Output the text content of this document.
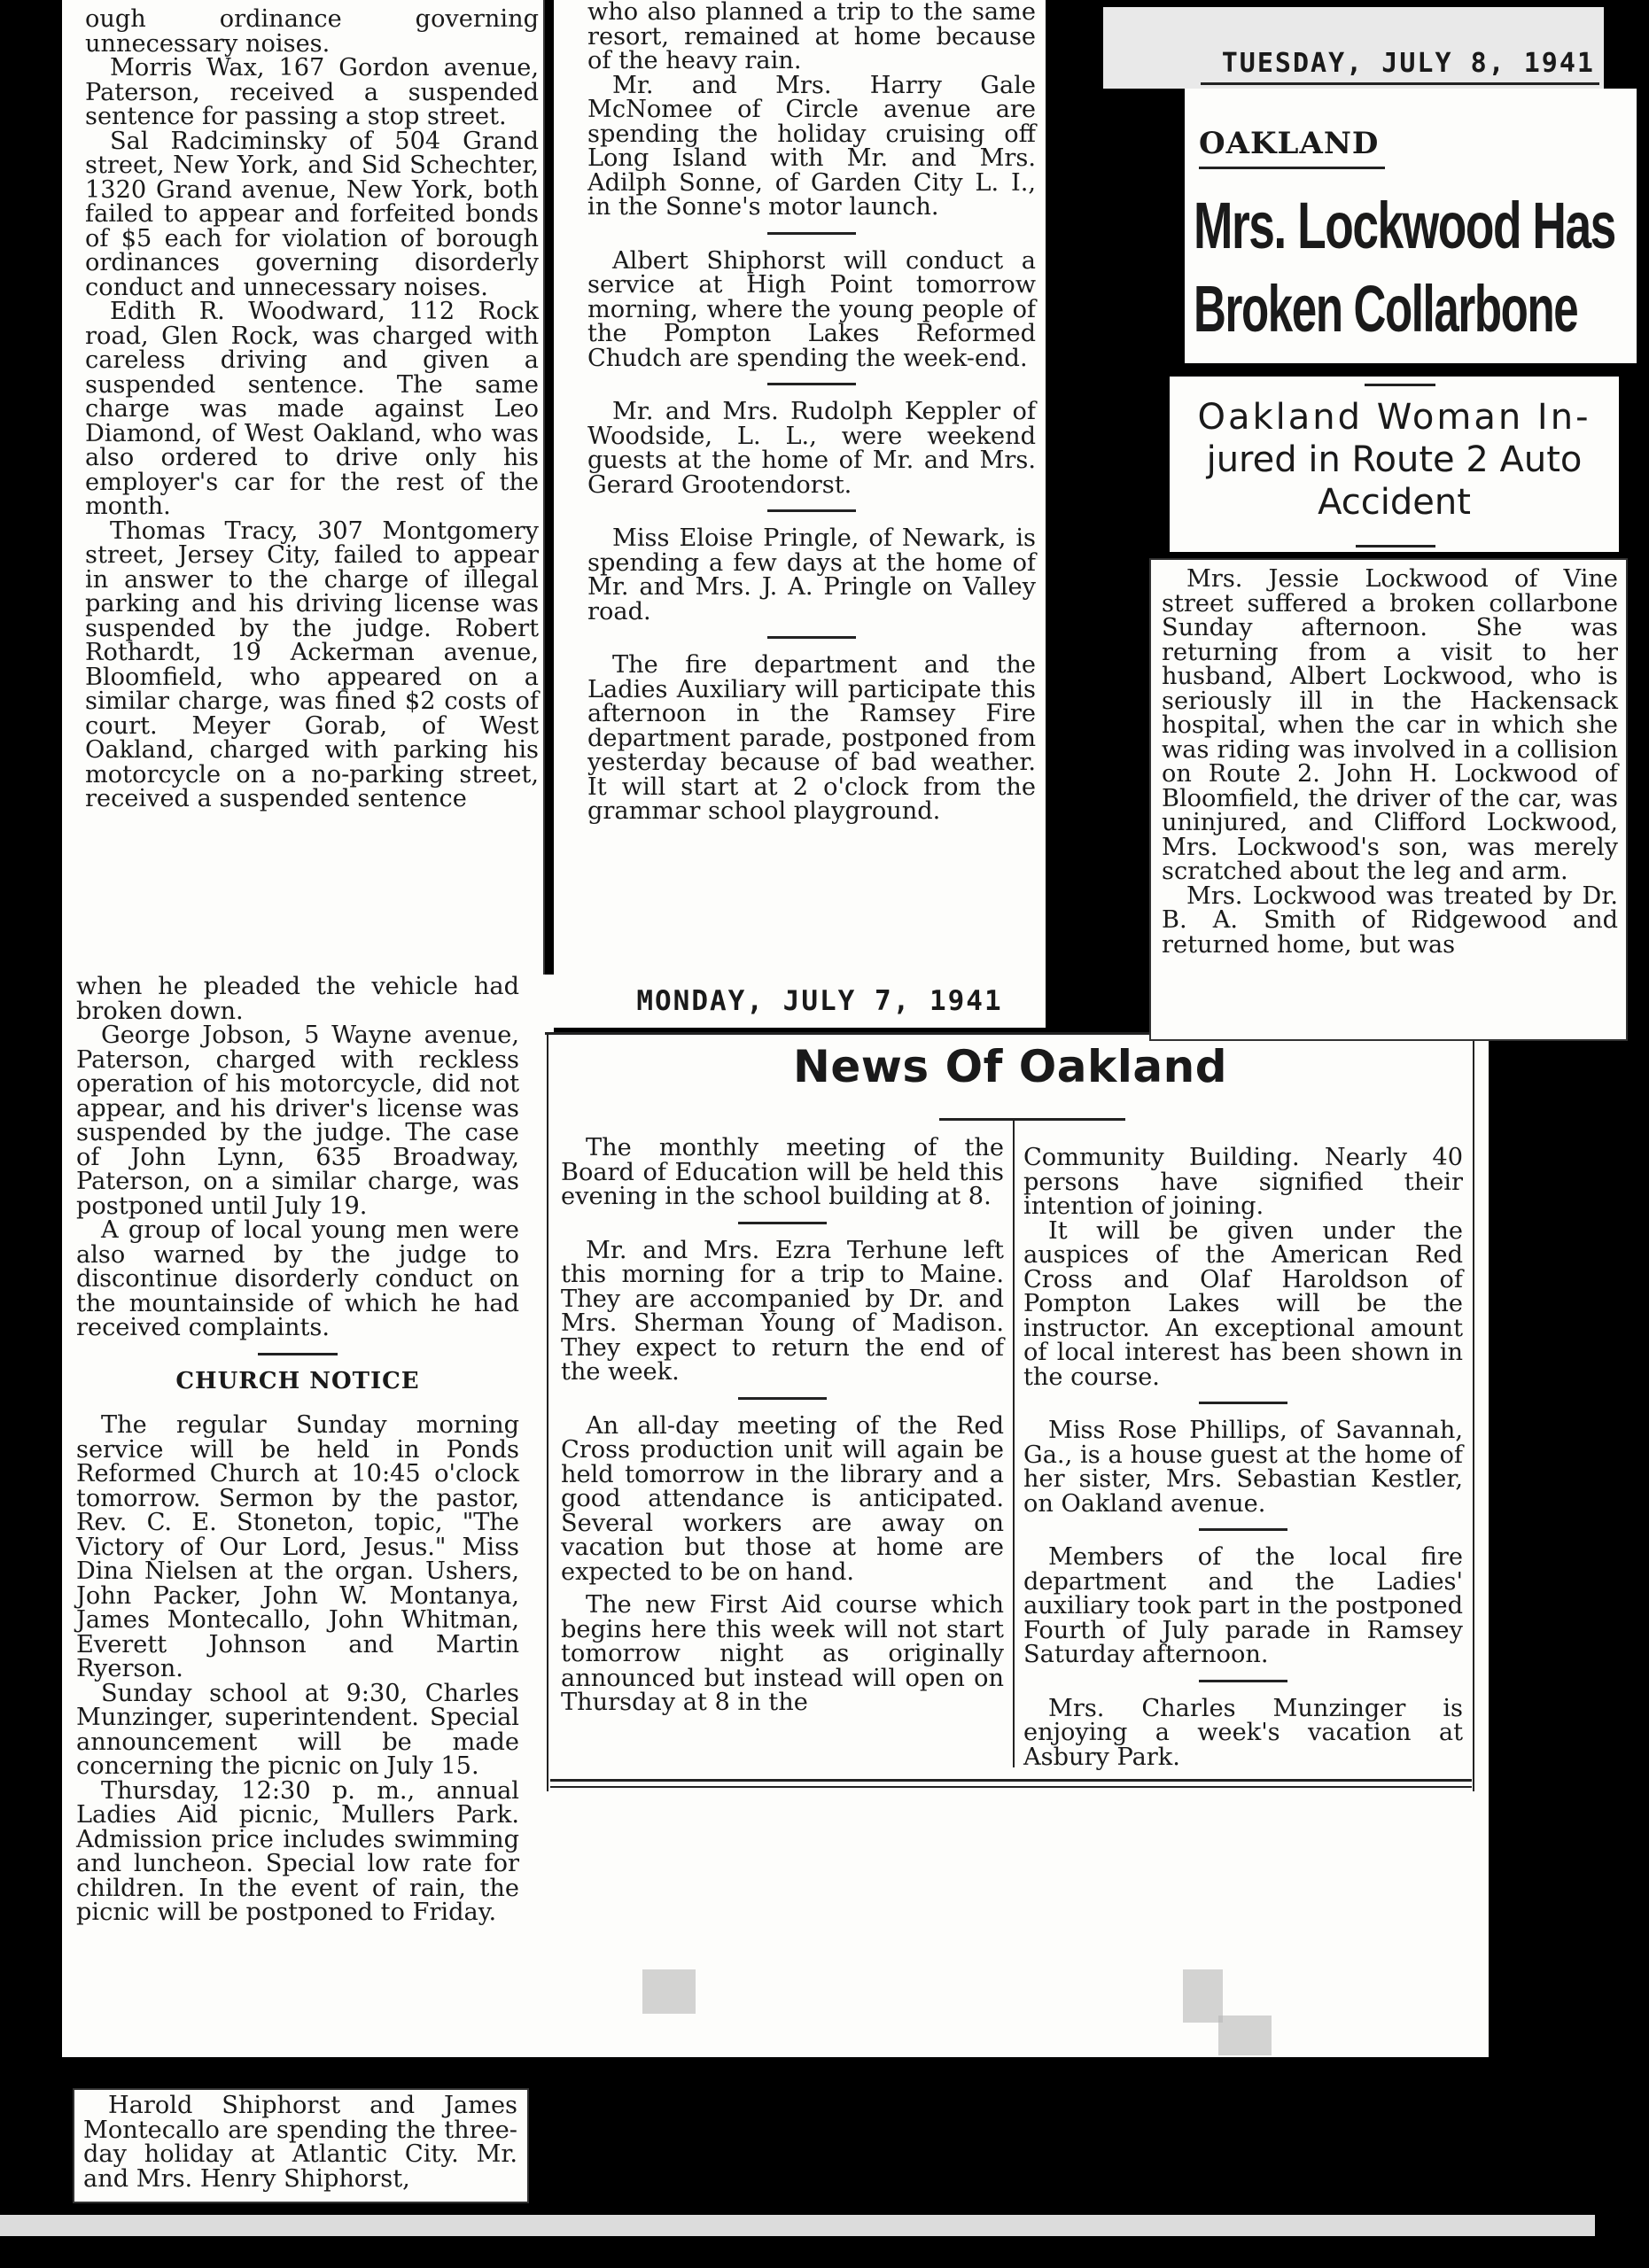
ough ordinance governing unnecessary noises.

Morris Wax, 167 Gordon avenue, Paterson, received a suspended sentence for passing a stop street.

Sal Radciminsky of 504 Grand street, New York, and Sid Schechter, 1320 Grand avenue, New York, both failed to appear and forfeited bonds of $5 each for violation of borough ordinances governing disorderly conduct and unnecessary noises.

Edith R. Woodward, 112 Rock road, Glen Rock, was charged with careless driving and given a suspended sentence. The same charge was made against Leo Diamond, of West Oakland, who was also ordered to drive only his employer's car for the rest of the month.

Thomas Tracy, 307 Montgomery street, Jersey City, failed to appear in answer to the charge of illegal parking and his driving license was suspended by the judge. Robert Rothardt, 19 Ackerman avenue, Bloomfield, who appeared on a similar charge, was fined $2 costs of court. Meyer Gorab, of West Oakland, charged with parking his motorcycle on a no-parking street, received a suspended sentence

when he pleaded the vehicle had broken down.

George Jobson, 5 Wayne avenue, Paterson, charged with reckless operation of his motorcycle, did not appear, and his driver's license was suspended by the judge. The case of John Lynn, 635 Broadway, Paterson, on a similar charge, was postponed until July 19.

A group of local young men were also warned by the judge to discontinue disorderly conduct on the mountainside of which he had received complaints.

CHURCH NOTICE

The regular Sunday morning service will be held in Ponds Reformed Church at 10:45 o'clock tomorrow. Sermon by the pastor, Rev. C. E. Stoneton, topic, "The Victory of Our Lord, Jesus." Miss Dina Nielsen at the organ. Ushers, John Packer, John W. Montanya, James Montecallo, John Whitman, Everett Johnson and Martin Ryerson.

Sunday school at 9:30, Charles Munzinger, superintendent. Special announcement will be made concerning the picnic on July 15.

Thursday, 12:30 p. m., annual Ladies Aid picnic, Mullers Park. Admission price includes swimming and luncheon. Special low rate for children. In the event of rain, the picnic will be postponed to Friday.

Harold Shiphorst and James Montecallo are spending the three-day holiday at Atlantic City. Mr. and Mrs. Henry Shiphorst,

who also planned a trip to the same resort, remained at home because of the heavy rain.

Mr. and Mrs. Harry Gale McNomee of Circle avenue are spending the holiday cruising off Long Island with Mr. and Mrs. Adilph Sonne, of Garden City L. I., in the Sonne's motor launch.

Albert Shiphorst will conduct a service at High Point tomorrow morning, where the young people of the Pompton Lakes Reformed Chudch are spending the week-end.

Mr. and Mrs. Rudolph Keppler of Woodside, L. L., were weekend guests at the home of Mr. and Mrs. Gerard Grootendorst.

Miss Eloise Pringle, of Newark, is spending a few days at the home of Mr. and Mrs. J. A. Pringle on Valley road.

The fire department and the Ladies Auxiliary will participate this afternoon in the Ramsey Fire department parade, postponed from yesterday because of bad weather. It will start at 2 o'clock from the grammar school playground.

MONDAY, JULY 7, 1941
News Of Oakland

The monthly meeting of the Board of Education will be held this evening in the school building at 8.

Mr. and Mrs. Ezra Terhune left this morning for a trip to Maine. They are accompanied by Dr. and Mrs. Sherman Young of Madison. They expect to return the end of the week.

An all-day meeting of the Red Cross production unit will again be held tomorrow in the library and a good attendance is anticipated. Several workers are away on vacation but those at home are expected to be on hand.

The new First Aid course which begins here this week will not start tomorrow night as originally announced but instead will open on Thursday at 8 in the

Community Building. Nearly 40 persons have signified their intention of joining.

It will be given under the auspices of the American Red Cross and Olaf Haroldson of Pompton Lakes will be the instructor. An exceptional amount of local interest has been shown in the course.

Miss Rose Phillips, of Savannah, Ga., is a house guest at the home of her sister, Mrs. Sebastian Kestler, on Oakland avenue.

Members of the local fire department and the Ladies' auxiliary took part in the postponed Fourth of July parade in Ramsey Saturday afternoon.

Mrs. Charles Munzinger is enjoying a week's vacation at Asbury Park.

TUESDAY, JULY 8, 1941
OAKLAND
Mrs. Lockwood Has
Broken Collarbone
Oakland Woman In-
jured in Route 2 Auto
Accident

Mrs. Jessie Lockwood of Vine street suffered a broken collarbone Sunday afternoon. She was returning from a visit to her husband, Albert Lockwood, who is seriously ill in the Hackensack hospital, when the car in which she was riding was involved in a collision on Route 2. John H. Lockwood of Bloomfield, the driver of the car, was uninjured, and Clifford Lockwood, Mrs. Lockwood's son, was merely scratched about the leg and arm.

Mrs. Lockwood was treated by Dr. B. A. Smith of Ridgewood and returned home, but was
